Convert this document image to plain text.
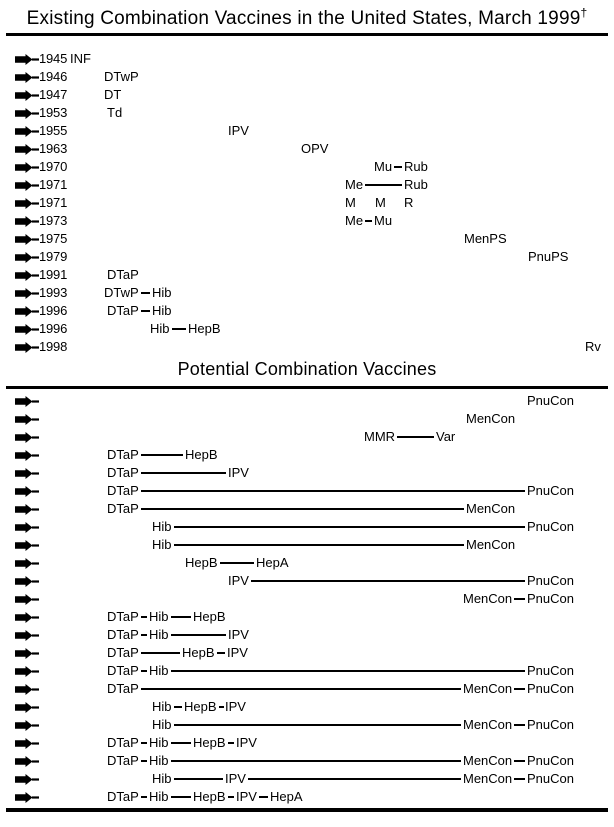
Existing Combination Vaccines in the United States, March 1999†
1945 INF
1946	DTwP
1947	DT
1953	Td
1955	IPV
1963	OPV
1970	Mu Rub
1971	Me	Rub
1971	M M R
1973	Me Mu
1975	MenPS
1979	PnuPS
1991	DTaP
1993	DTwP Hib
1996	DTaP Hib
1996	Hib HepB
1998	Rv
Potential Combination Vaccines
PnuCon
MenCon
MMR	Var
DTaP	HepB
DTaP	IPV
DTaP	PnuCon
DTaP	MenCon
Hib	PnuCon
Hib	MenCon
HepB	HepA
IPV	PnuCon
MenCon PnuCon
DTaP Hib HepB
DTaP Hib	IPV
DTaP	HepB IPV
DTaP Hib	PnuCon
DTaP	MenCon PnuCon
Hib HepB IPV
Hib	MenCon PnuCon
DTaP Hib HepB IPV
DTaP Hib	MenCon PnuCon
Hib	IPV	MenCon PnuCon
DTaP Hib HepB IPV HepA
